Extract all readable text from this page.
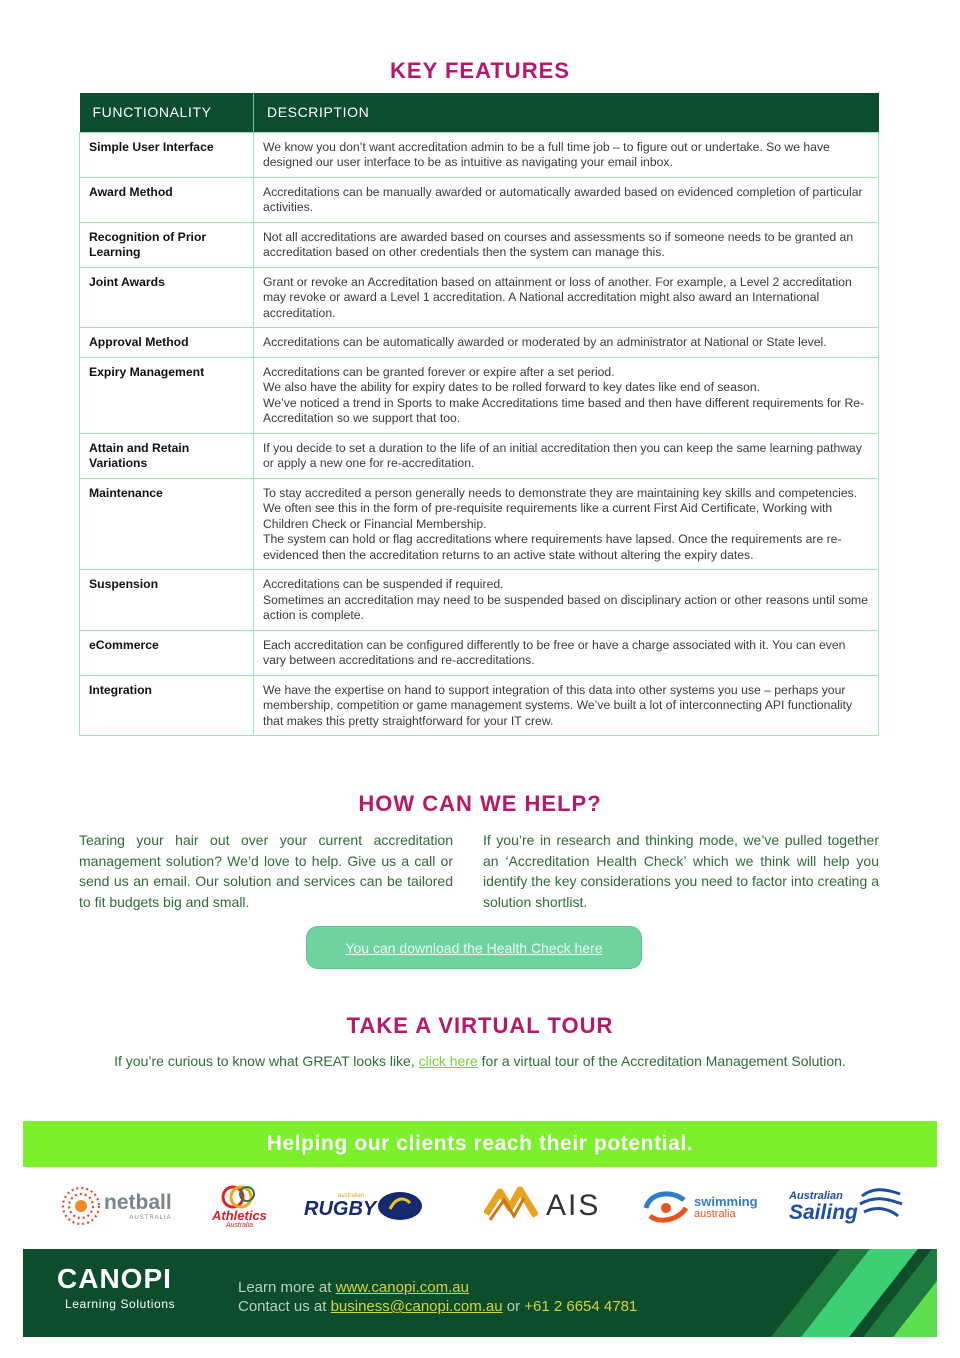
KEY FEATURES
FUNCTIONALITY	DESCRIPTION
Simple User Interface	We know you don’t want accreditation admin to be a full time job – to figure out or undertake. So we have designed our user interface to be as intuitive as navigating your email inbox.
Award Method	Accreditations can be manually awarded or automatically awarded based on evidenced completion of particular activities.
Recognition of Prior Learning	Not all accreditations are awarded based on courses and assessments so if someone needs to be granted an accreditation based on other credentials then the system can manage this.
Joint Awards	Grant or revoke an Accreditation based on attainment or loss of another. For example, a Level 2 accreditation may revoke or award a Level 1 accreditation. A National accreditation might also award an International accreditation.
Approval Method	Accreditations can be automatically awarded or moderated by an administrator at National or State level.
Expiry Management	Accreditations can be granted forever or expire after a set period.
We also have the ability for expiry dates to be rolled forward to key dates like end of season.
We’ve noticed a trend in Sports to make Accreditations time based and then have different requirements for Re-Accreditation so we support that too.
Attain and Retain Variations	If you decide to set a duration to the life of an initial accreditation then you can keep the same learning pathway or apply a new one for re-accreditation.
Maintenance	To stay accredited a person generally needs to demonstrate they are maintaining key skills and competencies. We often see this in the form of pre-requisite requirements like a current First Aid Certificate, Working with Children Check or Financial Membership.
The system can hold or flag accreditations where requirements have lapsed. Once the requirements are re-evidenced then the accreditation returns to an active state without altering the expiry dates.
Suspension	Accreditations can be suspended if required.
Sometimes an accreditation may need to be suspended based on disciplinary action or other reasons until some action is complete.
eCommerce	Each accreditation can be configured differently to be free or have a charge associated with it. You can even vary between accreditations and re-accreditations.
Integration	We have the expertise on hand to support integration of this data into other systems you use – perhaps your membership, competition or game management systems. We’ve built a lot of interconnecting API functionality that makes this pretty straightforward for your IT crew.
HOW CAN WE HELP?

Tearing your hair out over your current accreditation management solution? We’d love to help. Give us a call or send us an email. Our solution and services can be tailored to fit budgets big and small.

If you’re in research and thinking mode, we’ve pulled together an ‘Accreditation Health Check’ which we think will help you identify the key considerations you need to factor into creating a solution shortlist.

You can download the Health Check here
TAKE A VIRTUAL TOUR
If you’re curious to know what GREAT looks like, click here for a virtual tour of the Accreditation Management Solution.
Helping our clients reach their potential.
netball
AUSTRALIA	Athletics
Australia
australian
RUGBY	AIS	swimming
australia
Australian
Sailing
CANOPI
Learning Solutions
Learn more at www.canopi.com.au
Contact us at business@canopi.com.au or +61 2 6654 4781
